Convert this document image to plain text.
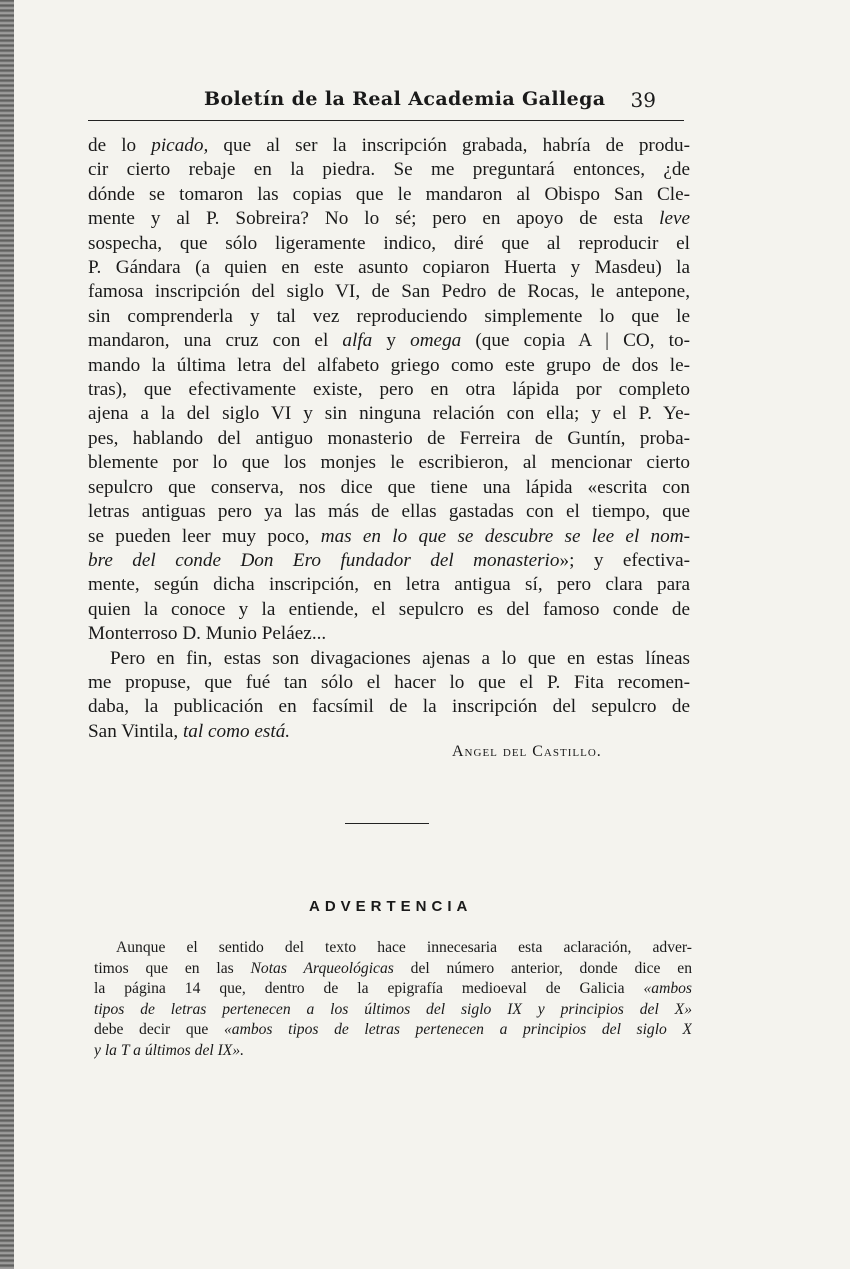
Boletín de la Real Academia Gallega 39
de lo picado, que al ser la inscripción grabada, habría de produ-
cir cierto rebaje en la piedra. Se me preguntará entonces, ¿de
dónde se tomaron las copias que le mandaron al Obispo San Cle-
mente y al P. Sobreira? No lo sé; pero en apoyo de esta leve
sospecha, que sólo ligeramente indico, diré que al reproducir el
P. Gándara (a quien en este asunto copiaron Huerta y Masdeu) la
famosa inscripción del siglo VI, de San Pedro de Rocas, le antepone,
sin comprenderla y tal vez reproduciendo simplemente lo que le
mandaron, una cruz con el alfa y omega (que copia A | CO, to-
mando la última letra del alfabeto griego como este grupo de dos le-
tras), que efectivamente existe, pero en otra lápida por completo
ajena a la del siglo VI y sin ninguna relación con ella; y el P. Ye-
pes, hablando del antiguo monasterio de Ferreira de Guntín, proba-
blemente por lo que los monjes le escribieron, al mencionar cierto
sepulcro que conserva, nos dice que tiene una lápida «escrita con
letras antiguas pero ya las más de ellas gastadas con el tiempo, que
se pueden leer muy poco, mas en lo que se descubre se lee el nom-
bre del conde Don Ero fundador del monasterio»; y efectiva-
mente, según dicha inscripción, en letra antigua sí, pero clara para
quien la conoce y la entiende, el sepulcro es del famoso conde de
Monterroso D. Munio Peláez...
Pero en fin, estas son divagaciones ajenas a lo que en estas líneas
me propuse, que fué tan sólo el hacer lo que el P. Fita recomen-
daba, la publicación en facsímil de la inscripción del sepulcro de
San Vintila, tal como está.
Angel del Castillo.
ADVERTENCIA
Aunque el sentido del texto hace innecesaria esta aclaración, adver-
timos que en las Notas Arqueológicas del número anterior, donde dice en
la página 14 que, dentro de la epigrafía medioeval de Galicia «ambos
tipos de letras pertenecen a los últimos del siglo IX y principios del X»
debe decir que «ambos tipos de letras pertenecen a principios del siglo X
y la T a últimos del IX».
